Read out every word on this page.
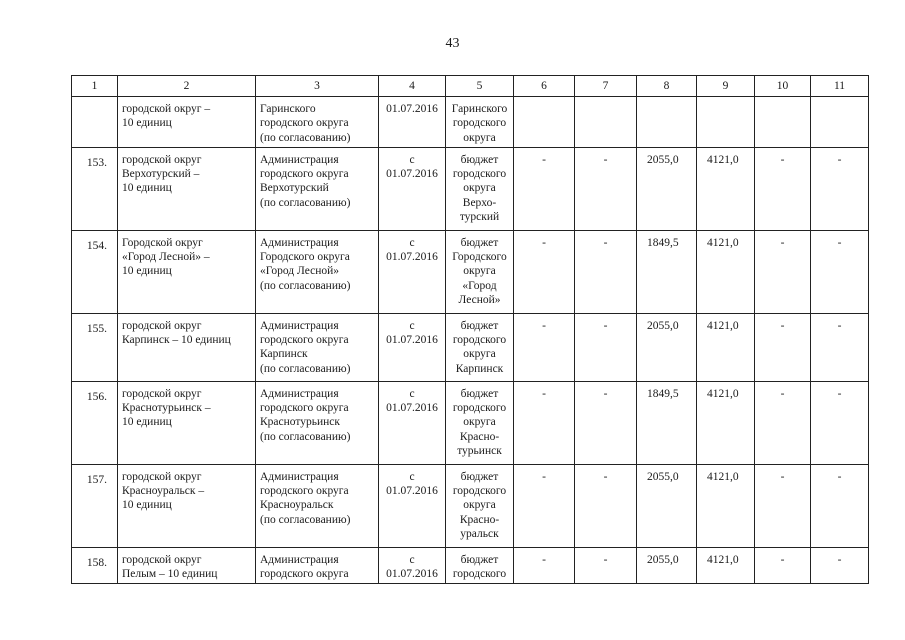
43
1	2	3	4	5	6	7	8	9	10	11
	городской округ –
10 единиц	Гаринского
городского округа
(по согласованию)	01.07.2016	Гаринского
городского
округа						
153.	городской округ
Верхотурский –
10 единиц	Администрация
городского округа
Верхотурский
(по согласованию)	с
01.07.2016	бюджет
городского
округа
Верхо-
турский	-	-	2055,0	4121,0	-	-
154.	Городской округ
«Город Лесной» –
10 единиц	Администрация
Городского округа
«Город Лесной»
(по согласованию)	с
01.07.2016	бюджет
Городского
округа
«Город
Лесной»	-	-	1849,5	4121,0	-	-
155.	городской округ
Карпинск – 10 единиц	Администрация
городского округа
Карпинск
(по согласованию)	с
01.07.2016	бюджет
городского
округа
Карпинск	-	-	2055,0	4121,0	-	-
156.	городской округ
Краснотурьинск –
10 единиц	Администрация
городского округа
Краснотурьинск
(по согласованию)	с
01.07.2016	бюджет
городского
округа
Красно-
турьинск	-	-	1849,5	4121,0	-	-
157.	городской округ
Красноуральск –
10 единиц	Администрация
городского округа
Красноуральск
(по согласованию)	с
01.07.2016	бюджет
городского
округа
Красно-
уральск	-	-	2055,0	4121,0	-	-
158.	городской округ
Пелым – 10 единиц	Администрация
городского округа	с
01.07.2016	бюджет
городского	-	-	2055,0	4121,0	-	-
